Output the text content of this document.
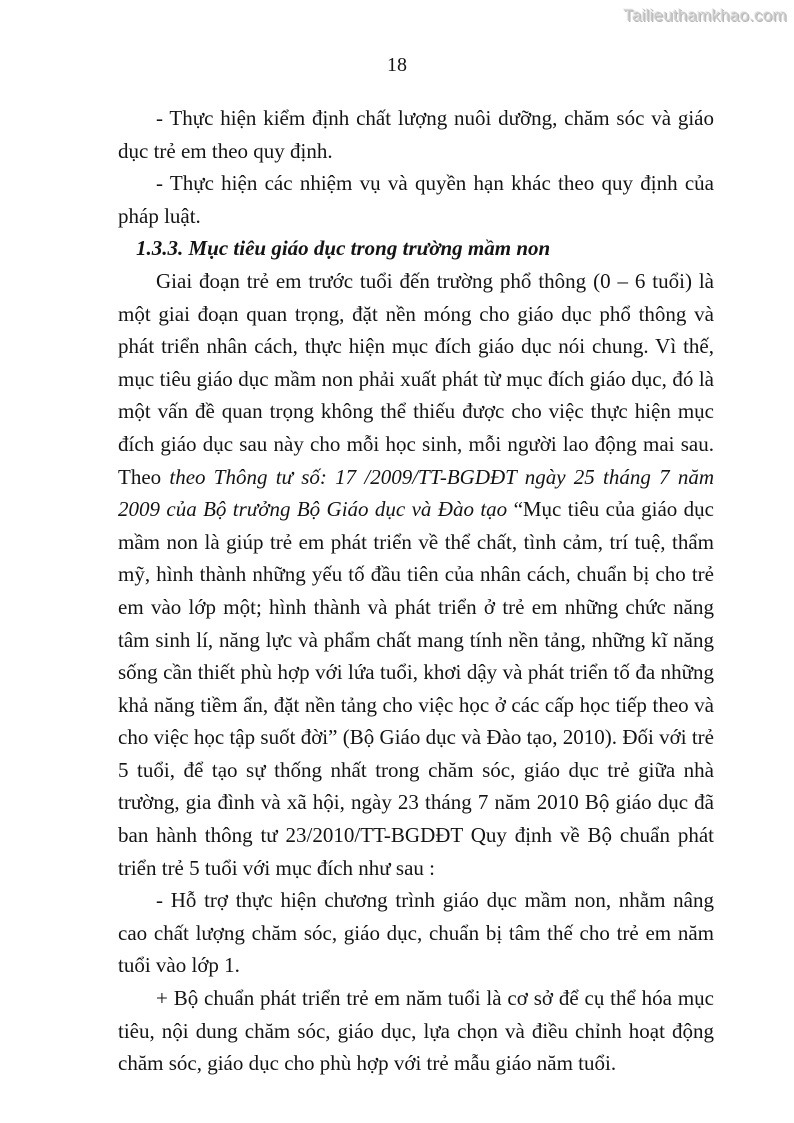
Tailieuthamkhao.com
18

- Thực hiện kiểm định chất lượng nuôi dưỡng, chăm sóc và giáo dục trẻ em theo quy định.

- Thực hiện các nhiệm vụ và quyền hạn khác theo quy định của pháp luật.

1.3.3. Mục tiêu giáo dục trong trường mầm non

Giai đoạn trẻ em trước tuổi đến trường phổ thông (0 – 6 tuổi) là một giai đoạn quan trọng, đặt nền móng cho giáo dục phổ thông và phát triển nhân cách, thực hiện mục đích giáo dục nói chung. Vì thế, mục tiêu giáo dục mầm non phải xuất phát từ mục đích giáo dục, đó là một vấn đề quan trọng không thể thiếu được cho việc thực hiện mục đích giáo dục sau này cho mỗi học sinh, mỗi người lao động mai sau. Theo theo Thông tư số: 17 /2009/TT-BGDĐT ngày 25 tháng 7 năm 2009 của Bộ trưởng Bộ Giáo dục và Đào tạo “Mục tiêu của giáo dục mầm non là giúp trẻ em phát triển về thể chất, tình cảm, trí tuệ, thẩm mỹ, hình thành những yếu tố đầu tiên của nhân cách, chuẩn bị cho trẻ em vào lớp một; hình thành và phát triển ở trẻ em những chức năng tâm sinh lí, năng lực và phẩm chất mang tính nền tảng, những kĩ năng sống cần thiết phù hợp với lứa tuổi, khơi dậy và phát triển tố đa những khả năng tiềm ẩn, đặt nền tảng cho việc học ở các cấp học tiếp theo và cho việc học tập suốt đời” (Bộ Giáo dục và Đào tạo, 2010). Đối với trẻ 5 tuổi, để tạo sự thống nhất trong chăm sóc, giáo dục trẻ giữa nhà trường, gia đình và xã hội, ngày 23 tháng 7 năm 2010 Bộ giáo dục đã ban hành thông tư 23/2010/TT-BGDĐT Quy định về Bộ chuẩn phát triển trẻ 5 tuổi với mục đích như sau :

- Hỗ trợ thực hiện chương trình giáo dục mầm non, nhằm nâng cao chất lượng chăm sóc, giáo dục, chuẩn bị tâm thế cho trẻ em năm tuổi vào lớp 1.

+ Bộ chuẩn phát triển trẻ em năm tuổi là cơ sở để cụ thể hóa mục tiêu, nội dung chăm sóc, giáo dục, lựa chọn và điều chỉnh hoạt động chăm sóc, giáo dục cho phù hợp với trẻ mẫu giáo năm tuổi.
